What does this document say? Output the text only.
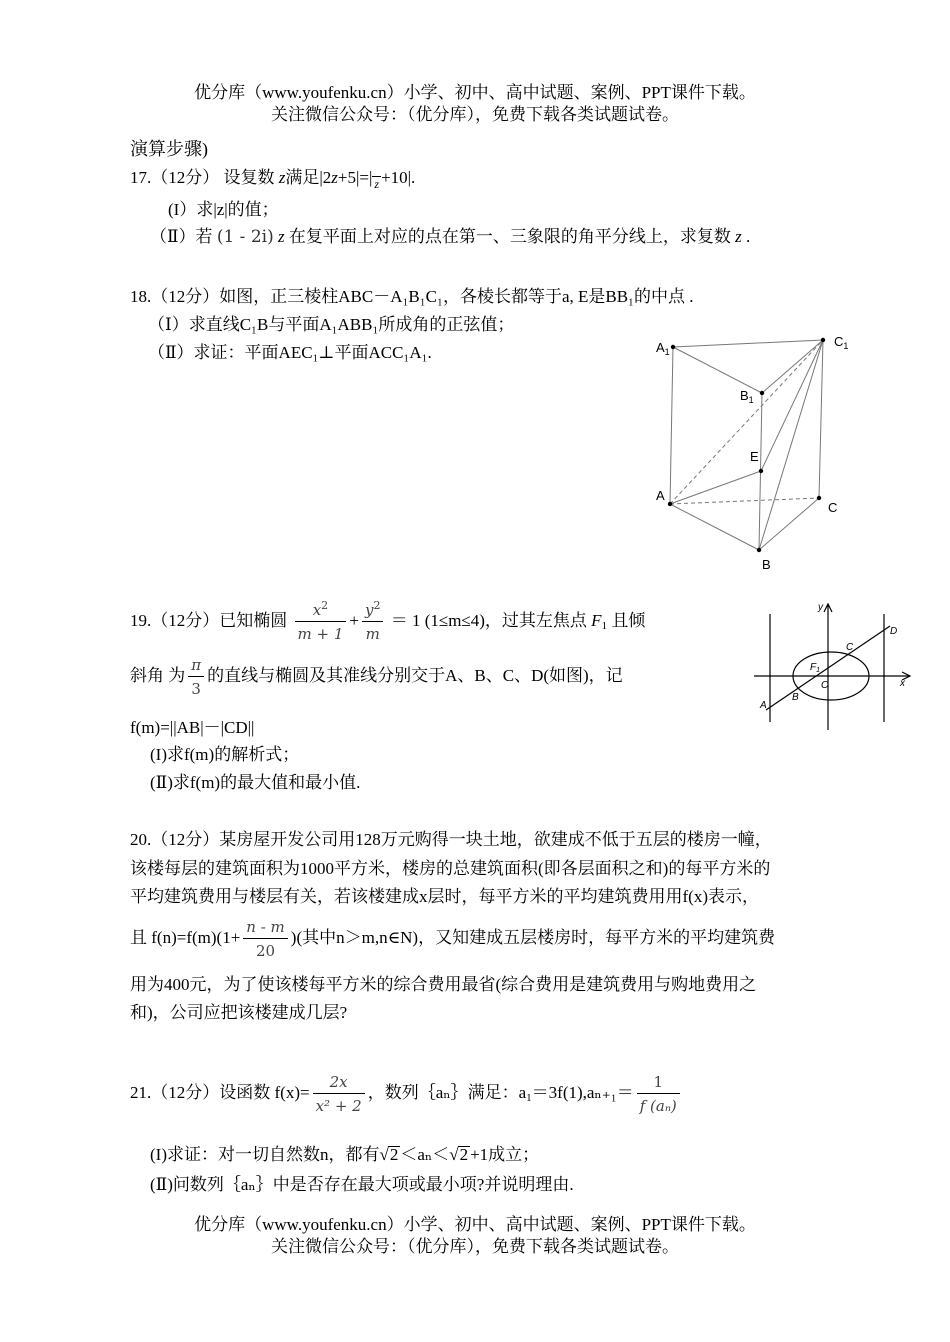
优分库（www.youfenku.cn）小学、初中、高中试题、案例、PPT课件下载。
关注微信公众号：（优分库），免费下载各类试题试卷。
演算步骤)
17.（12分） 设复数 z满足|2z+5|=| z +10|.
(I）求|z|的值；
（Ⅱ）若 (1 - 2i) z 在复平面上对应的点在第一、三象限的角平分线上，求复数 z .
18.（12分）如图，正三棱柱ABC－A₁B₁C₁，各棱长都等于a, E是BB₁的中点 .
（Ⅰ）求直线C₁B与平面A₁ABB₁所成角的正弦值；
（Ⅱ）求证：平面AEC₁⊥平面ACC₁A₁.	$A_1$
$C_1$
$B_1$
E
A
C
B
19.（12分）已知椭圆 $\frac{x^2}{m + 1} + \frac{y^2}{m} = 1$ (1≤m≤4)，过其左焦点 $F_1$ 且倾
斜角 为 $\frac{\pi}{3}$ 的直线与椭圆及其准线分别交于A、B、C、D(如图)，记
f(m)=||AB|－|CD||
(I)求f(m)的解析式；
(Ⅱ)求f(m)的最大值和最小值.
y
x
O
A
B
C
D
$F_1$
20.（12分）某房屋开发公司用128万元购得一块土地，欲建成不低于五层的楼房一幢，
该楼每层的建筑面积为1000平方米，楼房的总建筑面积(即各层面积之和)的每平方米的
平均建筑费用与楼层有关，若该楼建成x层时，每平方米的平均建筑费用用f(x)表示，
且 $f(n)=f(m)(1+ \frac{n - m}{20}$ )(其中n＞m,n∈N)，又知建成五层楼房时，每平方米的平均建筑费
用为400元，为了使该楼每平方米的综合费用最省(综合费用是建筑费用与购地费用之
和)，公司应把该楼建成几层?
21.（12分）设函数 $f(x)= \frac{2x}{\text{x² + 2}}$ ，数列｛aₙ｝满足：$a_1=3f(1),a_{n+1}= \frac{1}{\text{f (aₙ)}}$
(I)求证：对一切自然数n，都有√2 ＜aₙ＜√2 +1成立；
(Ⅱ)问数列｛aₙ｝中是否存在最大项或最小项?并说明理由.
优分库（www.youfenku.cn）小学、初中、高中试题、案例、PPT课件下载。
关注微信公众号：（优分库），免费下载各类试题试卷。
